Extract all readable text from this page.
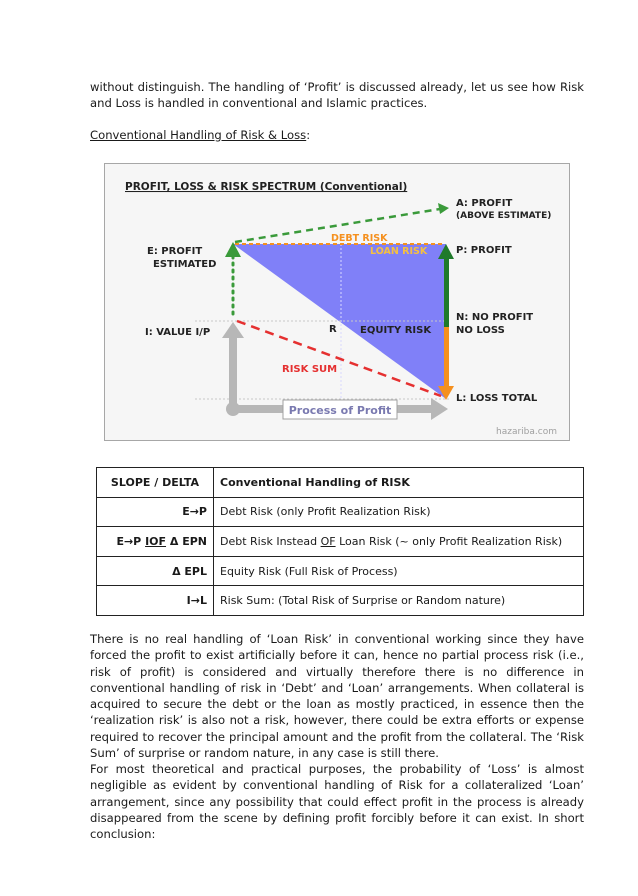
without distinguish. The handling of ‘Profit’ is discussed already, let us see how Risk and Loss is handled in conventional and Islamic practices.

Conventional Handling of Risk & Loss:

PROFIT, LOSS & RISK SPECTRUM (Conventional)
Process of Profit
A: PROFIT
(ABOVE ESTIMATE)
E: PROFIT
ESTIMATED
P: PROFIT
N: NO PROFIT
NO LOSS
I: VALUE I/P
L: LOSS TOTAL
DEBT RISK
LOAN RISK
EQUITY RISK
R
RISK SUM
hazariba.com
SLOPE / DELTA	Conventional Handling of RISK
E→P	Debt Risk (only Profit Realization Risk)
E→P IOF Δ EPN	Debt Risk Instead OF Loan Risk (~ only Profit Realization Risk)
Δ EPL	Equity Risk (Full Risk of Process)
I→L	Risk Sum: (Total Risk of Surprise or Random nature)

There is no real handling of ‘Loan Risk’ in conventional working since they have forced the profit to exist artificially before it can, hence no partial process risk (i.e., risk of profit) is considered and virtually therefore there is no difference in conventional handling of risk in ‘Debt’ and ‘Loan’ arrangements. When collateral is acquired to secure the debt or the loan as mostly practiced, in essence then the ‘realization risk’ is also not a risk, however, there could be extra efforts or expense required to recover the principal amount and the profit from the collateral. The ‘Risk Sum’ of surprise or random nature, in any case is still there.

For most theoretical and practical purposes, the probability of ‘Loss’ is almost negligible as evident by conventional handling of Risk for a collateralized ‘Loan’ arrangement, since any possibility that could effect profit in the process is already disappeared from the scene by defining profit forcibly before it can exist. In short conclusion:
